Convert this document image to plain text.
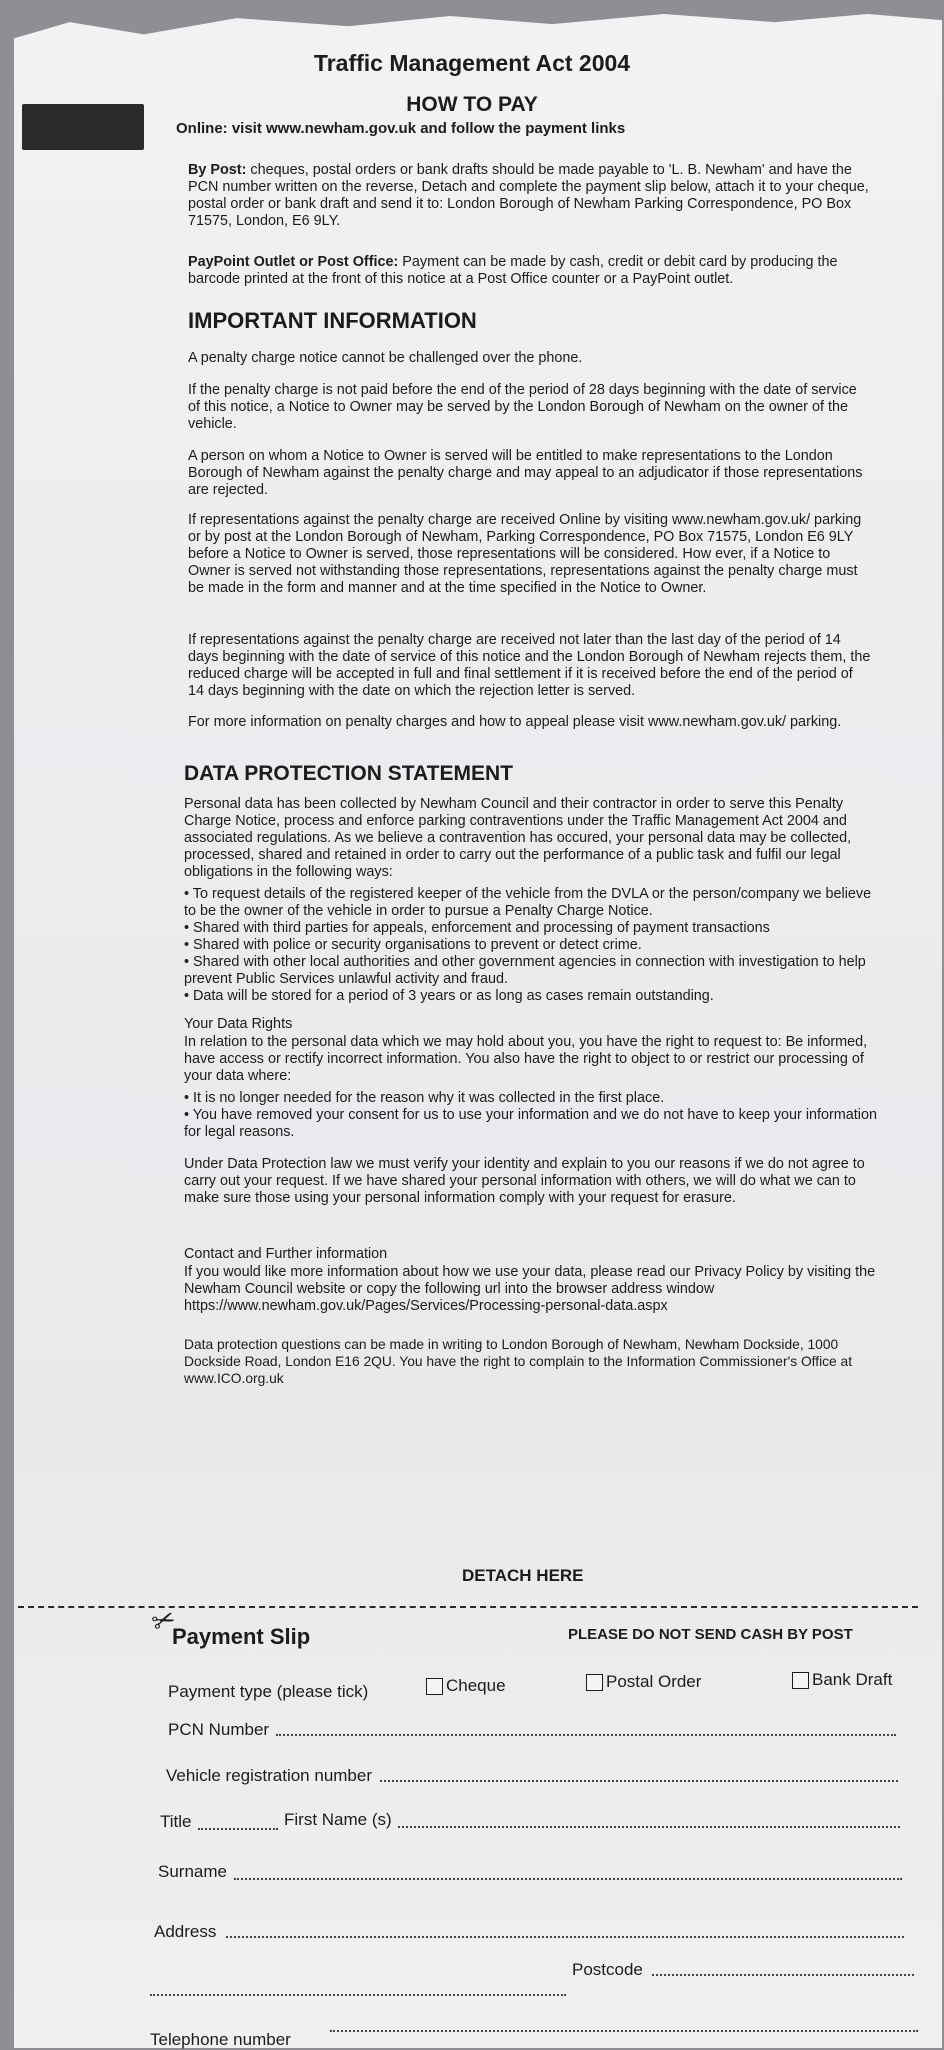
Traffic Management Act 2004
HOW TO PAY

Online: visit www.newham.gov.uk and follow the payment links

By Post: cheques, postal orders or bank drafts should be made payable to 'L. B. Newham' and have the PCN number written on the reverse, Detach and complete the payment slip below, attach it to your cheque, postal order or bank draft and send it to: London Borough of Newham Parking Correspondence, PO Box 71575, London, E6 9LY.

PayPoint Outlet or Post Office: Payment can be made by cash, credit or debit card by producing the barcode printed at the front of this notice at a Post Office counter or a PayPoint outlet.

IMPORTANT INFORMATION

A penalty charge notice cannot be challenged over the phone.

If the penalty charge is not paid before the end of the period of 28 days beginning with the date of service of this notice, a Notice to Owner may be served by the London Borough of Newham on the owner of the vehicle.

A person on whom a Notice to Owner is served will be entitled to make representations to the London Borough of Newham against the penalty charge and may appeal to an adjudicator if those representations are rejected.

If representations against the penalty charge are received Online by visiting www.newham.gov.uk/ parking or by post at the London Borough of Newham, Parking Correspondence, PO Box 71575, London E6 9LY before a Notice to Owner is served, those representations will be considered. How ever, if a Notice to Owner is served not withstanding those representations, representations against the penalty charge must be made in the form and manner and at the time specified in the Notice to Owner.

If representations against the penalty charge are received not later than the last day of the period of 14 days beginning with the date of service of this notice and the London Borough of Newham rejects them, the reduced charge will be accepted in full and final settlement if it is received before the end of the period of 14 days beginning with the date on which the rejection letter is served.

For more information on penalty charges and how to appeal please visit www.newham.gov.uk/ parking.

DATA PROTECTION STATEMENT

Personal data has been collected by Newham Council and their contractor in order to serve this Penalty Charge Notice, process and enforce parking contraventions under the Traffic Management Act 2004 and associated regulations. As we believe a contravention has occured, your personal data may be collected, processed, shared and retained in order to carry out the performance of a public task and fulfil our legal obligations in the following ways:

• To request details of the registered keeper of the vehicle from the DVLA or the person/company we believe to be the owner of the vehicle in order to pursue a Penalty Charge Notice.
• Shared with third parties for appeals, enforcement and processing of payment transactions
• Shared with police or security organisations to prevent or detect crime.
• Shared with other local authorities and other government agencies in connection with investigation to help prevent Public Services unlawful activity and fraud.
• Data will be stored for a period of 3 years or as long as cases remain outstanding.

Your Data Rights

In relation to the personal data which we may hold about you, you have the right to request to: Be informed, have access or rectify incorrect information. You also have the right to object to or restrict our processing of your data where:

• It is no longer needed for the reason why it was collected in the first place.
• You have removed your consent for us to use your information and we do not have to keep your information for legal reasons.

Under Data Protection law we must verify your identity and explain to you our reasons if we do not agree to carry out your request. If we have shared your personal information with others, we will do what we can to make sure those using your personal information comply with your request for erasure.

Contact and Further information

If you would like more information about how we use your data, please read our Privacy Policy by visiting the Newham Council website or copy the following url into the browser address window https://www.newham.gov.uk/Pages/Services/Processing-personal-data.aspx

Data protection questions can be made in writing to London Borough of Newham, Newham Dockside, 1000 Dockside Road, London E16 2QU. You have the right to complain to the Information Commissioner's Office at www.ICO.org.uk

DETACH HERE
✂
Payment Slip	PLEASE DO NOT SEND CASH BY POST
Payment type (please tick)	Cheque	Postal Order	Bank Draft
PCN Number
Vehicle registration number
Title	First Name (s)
Surname
Address
Postcode
Telephone number
